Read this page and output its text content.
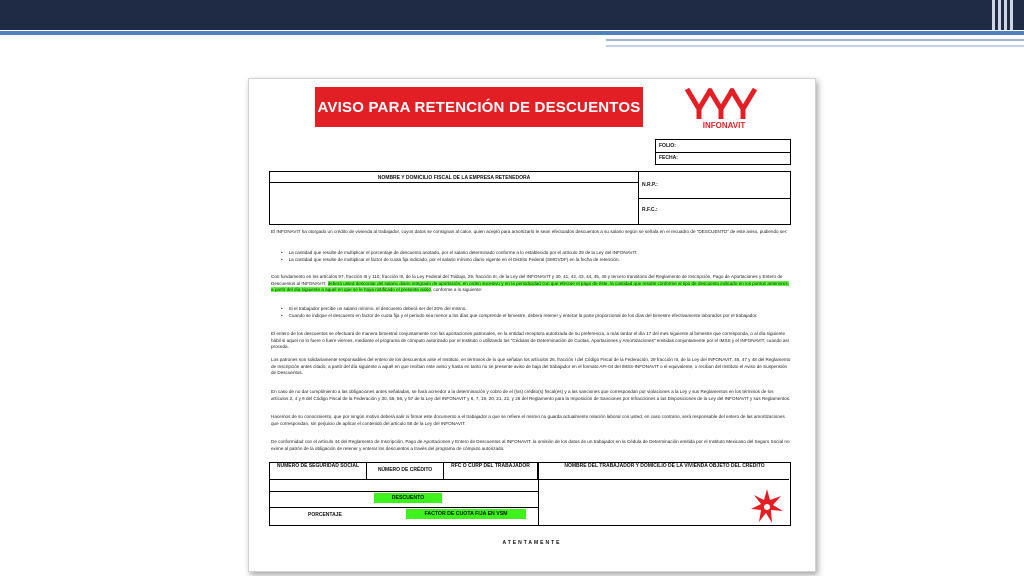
AVISO PARA RETENCIÓN DE DESCUENTOS
INFONAVIT
FOLIO:
FECHA:
NOMBRE Y DOMICILIO FISCAL DE LA EMPRESA RETENEDORA
N.R.P.:
R.F.C.:
El INFONAVIT ha otorgado un crédito de vivienda al trabajador, cuyos datos se consignan al calce, quien aceptó para amortizarlo le sean efectuados descuentos a su salario según se señala en el recuadro de "DESCUENTO" de este aviso, pudiendo ser:
• La cantidad que resulte de multiplicar el porcentaje de descuento anotado, por el salario determinado conforme a lo establecido por el artículo 29 de la Ley del INFONAVIT.
• La cantidad que resulte de multiplicar el factor de cuota fija indicado, por el salario mínimo diario vigente en el Distrito Federal (SMGVDF) en la fecha de retención.
Con fundamento en los artículos 97, fracción III y 110, fracción III, de la Ley Federal del Trabajo, 29, fracción III, de la Ley del INFONAVIT y 40, 41, 42, 43, 44, 45, 46 y tercero transitorio del Reglamento de Inscripción, Pago de Aportaciones y Entero de Descuentos al INFONAVIT, deberá usted descontar del salario diario integrado de aportación, en orden sucesivo y en la periodicidad con que efectúe el pago de éste, la cantidad que resulte conforme al tipo de descuento indicado en los puntos anteriores, a partir del día siguiente a aquel en que se le haya notificado el presente aviso, conforme a lo siguiente:
• Si el trabajador percibe un salario mínimo, el descuento deberá ser del 20% del mismo.
• Cuando se indique el descuento en factor de cuota fija y el periodo sea menor a los días que comprende el bimestre, deberá retener y enterar la parte proporcional de los días del bimestre efectivamente laborados por el trabajador.
El entero de los descuentos se efectuará de manera bimestral conjuntamente con las aportaciones patronales, en la entidad receptora autorizada de su preferencia, a más tardar el día 17 del mes siguiente al bimestre que corresponda, o al día siguiente hábil si aquel no lo fuere o fuere viernes, mediante el programa de cómputo autorizado por el Instituto o utilizando las "Cédulas de Determinación de Cuotas, Aportaciones y Amortizaciones" emitidas conjuntamente por el IMSS y el INFONAVIT, cuando así proceda.
Los patrones son solidariamente responsables del entero de los descuentos ante el Instituto, en términos de lo que señalan los artículos 26, fracción I del Código Fiscal de la Federación, 29 fracción III, de la Ley del INFONAVIT, 46, 47 y 48 del Reglamento de Inscripción antes citado, a partir del día siguiente a aquél en que reciban este aviso y hasta en tanto no se presente aviso de baja del trabajador en el formato AFI-04 del IMSS-INFONAVIT o el equivalente, o reciban del Instituto el Aviso de Suspensión de Descuentos.
En caso de no dar cumplimiento a las obligaciones antes señaladas, se hará acreedor a la determinación y cobro de el (los) crédito(s) fiscal(es) y a las sanciones que correspondan por violaciones a la Ley y sus Reglamentos en los términos de los artículos 2, 4 y 6 del Código Fiscal de la Federación y 30, 55, 56, y 57 de la Ley del INFONAVIT y 6, 7, 19, 20, 21, 22, y 26 del Reglamento para la Imposición de Sanciones por Infracciones a las Disposiciones de la Ley del INFONAVIT y sus Reglamentos.
Hacemos de su conocimiento, que por ningún motivo deberá salir ni firmar este documento a el trabajador a que se refiere el mismo no guarda actualmente relación laboral con usted, en caso contrario, será responsable del entero de las amortizaciones que correspondan, sin perjuicio de aplicar el contenido del artículo 58 de la Ley del INFONAVIT.
De conformidad con el artículo 44 del Reglamento de Inscripción, Pago de Aportaciones y Entero de Descuentos al INFONAVIT, la omisión de los datos de un trabajador en la Cédula de Determinación emitida por el Instituto Mexicano del Seguro Social no exime al patrón de la obligación de retener y enterar los descuentos a través del programa de cómputo autorizado.
NÚMERO DE SEGURIDAD SOCIAL
NÚMERO DE CRÉDITO
RFC O CURP DEL TRABAJADOR	NOMBRE DEL TRABAJADOR Y DOMICILIO DE LA VIVIENDA OBJETO DEL CRÉDITO
DESCUENTO
PORCENTAJE	FACTOR DE CUOTA FIJA EN VSM
ATENTAMENTE
